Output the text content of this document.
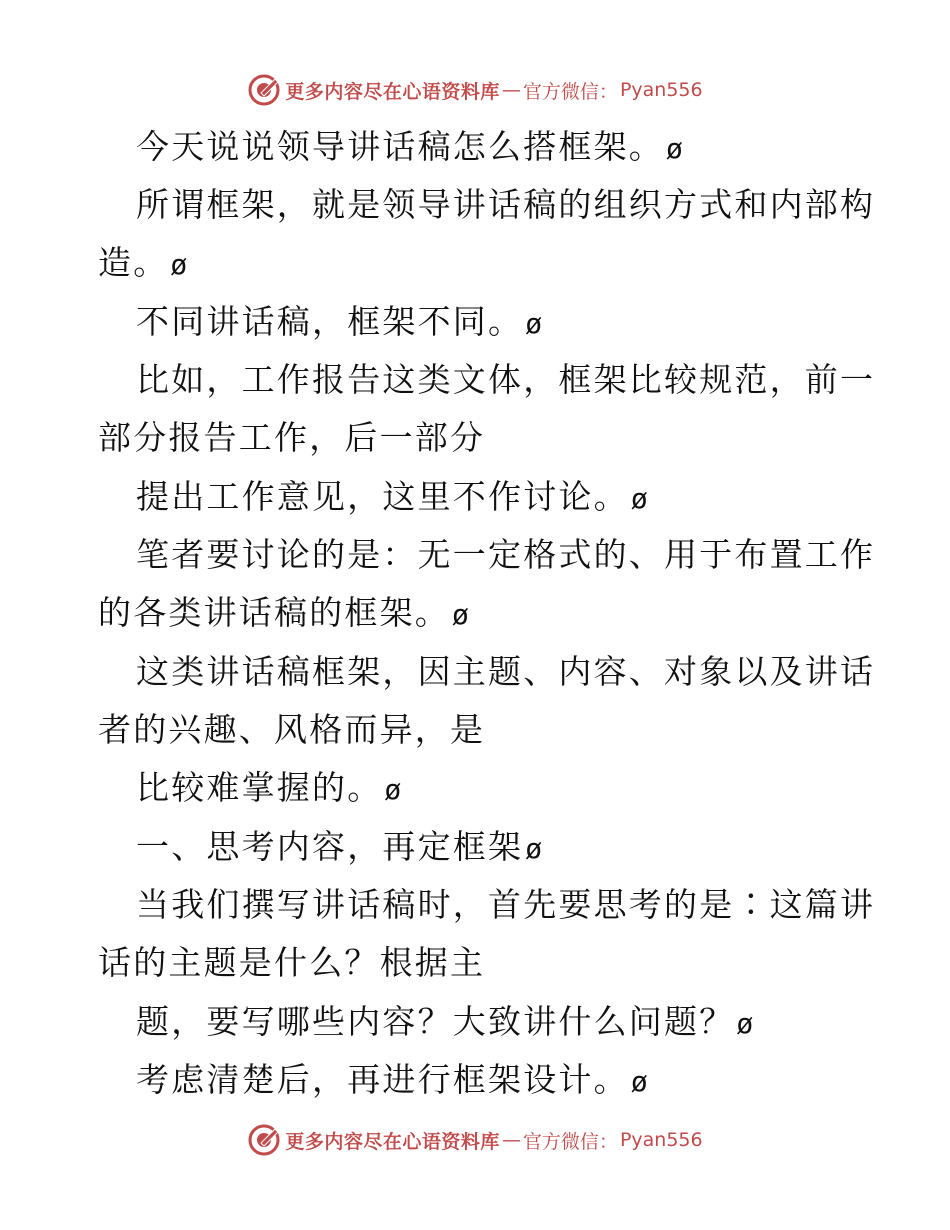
更多内容尽在心语资料库 — 官方微信： Pyan556
今天说说领导讲话稿怎么搭框架。ø
所谓框架，就是领导讲话稿的组织方式和内部构
造。ø
不同讲话稿，框架不同。ø
比如，工作报告这类文体，框架比较规范，前一
部分报告工作，后一部分
提出工作意见，这里不作讨论。ø
笔者要讨论的是：无一定格式的、用于布置工作
的各类讲话稿的框架。ø
这类讲话稿框架，因主题、内容、对象以及讲话
者的兴趣、风格而异，是
比较难掌握的。ø
一、思考内容，再定框架ø
当我们撰写讲话稿时，首先要思考的是∶这篇讲
话的主题是什么？根据主
题，要写哪些内容？大致讲什么问题？ø
考虑清楚后，再进行框架设计。ø
更多内容尽在心语资料库 — 官方微信： Pyan556
